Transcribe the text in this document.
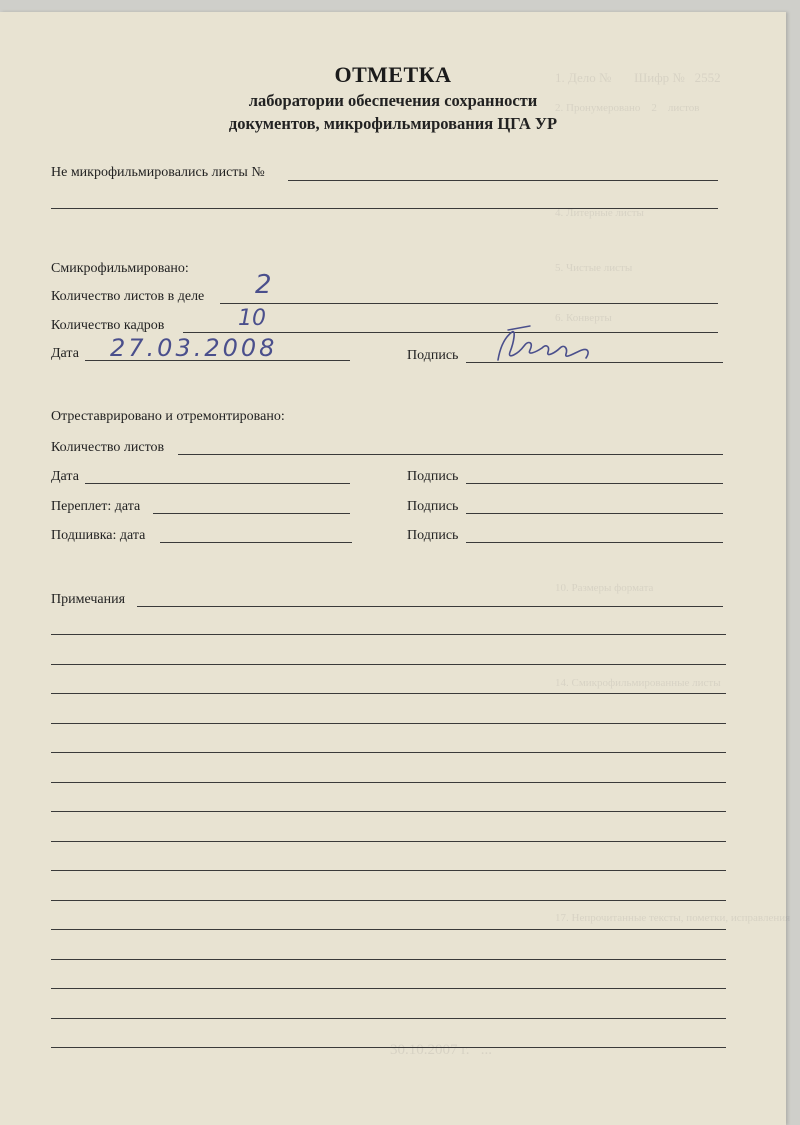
1. Дело №       Шифр №   2552
2. Пронумеровано    2    листов
4. Литерные листы
5. Чистые листы
6. Конверты
10. Размеры формата
14. Смикрофильмированные листы
17. Непрочитанные тексты, пометки, исправления
30.10.2007 г.   ...
ОТМЕТКА
лаборатории обеспечения сохранности
документов, микрофильмирования ЦГА УР
Не микрофильмировались листы №
Смикрофильмировано:
Количество листов в деле 2
Количество кадров	10
Дата 27.03.2008	Подпись
Отреставрировано и отремонтировано:
Количество листов
Дата	Подпись
Переплет: дата	Подпись
Подшивка: дата	Подпись
Примечания
